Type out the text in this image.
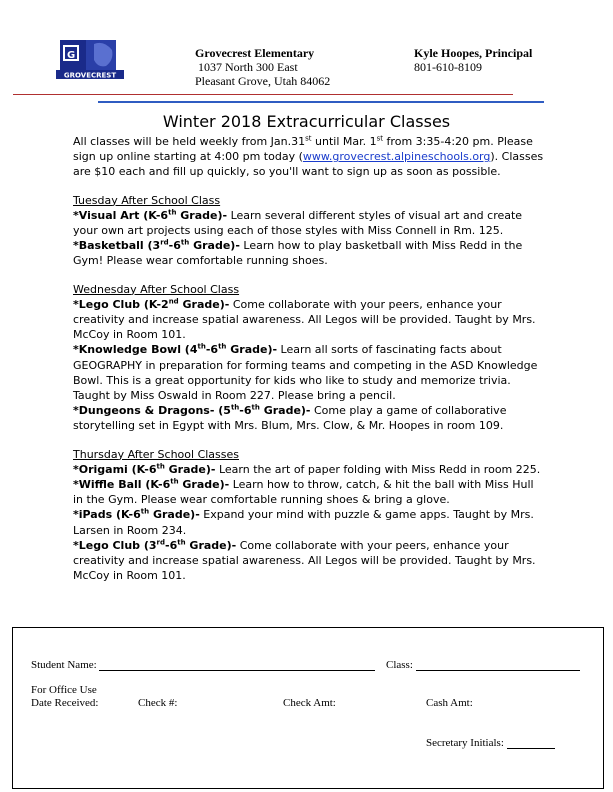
G
GROVECREST
Grovecrest Elementary
1037 North 300 East
Pleasant Grove, Utah 84062
Kyle Hoopes, Principal
801-610-8109
Winter 2018 Extracurricular Classes

All classes will be held weekly from Jan.31st until Mar. 1st from 3:35-4:20 pm. Please sign up online starting at 4:00 pm today (www.grovecrest.alpineschools.org). Classes are $10 each and fill up quickly, so you'll want to sign up as soon as possible.

Tuesday After School Class

*Visual Art (K-6th Grade)- Learn several different styles of visual art and create your own art projects using each of those styles with Miss Connell in Rm. 125.

*Basketball (3rd-6th Grade)- Learn how to play basketball with Miss Redd in the Gym! Please wear comfortable running shoes.

Wednesday After School Class

*Lego Club (K-2nd Grade)- Come collaborate with your peers, enhance your creativity and increase spatial awareness. All Legos will be provided. Taught by Mrs. McCoy in Room 101.

*Knowledge Bowl (4th-6th Grade)- Learn all sorts of fascinating facts about GEOGRAPHY in preparation for forming teams and competing in the ASD Knowledge Bowl. This is a great opportunity for kids who like to study and memorize trivia. Taught by Miss Oswald in Room 227. Please bring a pencil.

*Dungeons & Dragons- (5th-6th Grade)- Come play a game of collaborative storytelling set in Egypt with Mrs. Blum, Mrs. Clow, & Mr. Hoopes in room 109.

Thursday After School Classes

*Origami (K-6th Grade)- Learn the art of paper folding with Miss Redd in room 225.

*Wiffle Ball (K-6th Grade)- Learn how to throw, catch, & hit the ball with Miss Hull in the Gym. Please wear comfortable running shoes & bring a glove.

*iPads (K-6th Grade)- Expand your mind with puzzle & game apps. Taught by Mrs. Larsen in Room 234.

*Lego Club (3rd-6th Grade)- Come collaborate with your peers, enhance your creativity and increase spatial awareness. All Legos will be provided. Taught by Mrs. McCoy in Room 101.

Student Name:	Class:
For Office Use
Date Received:	Check #:	Check Amt:	Cash Amt:
Secretary Initials:
